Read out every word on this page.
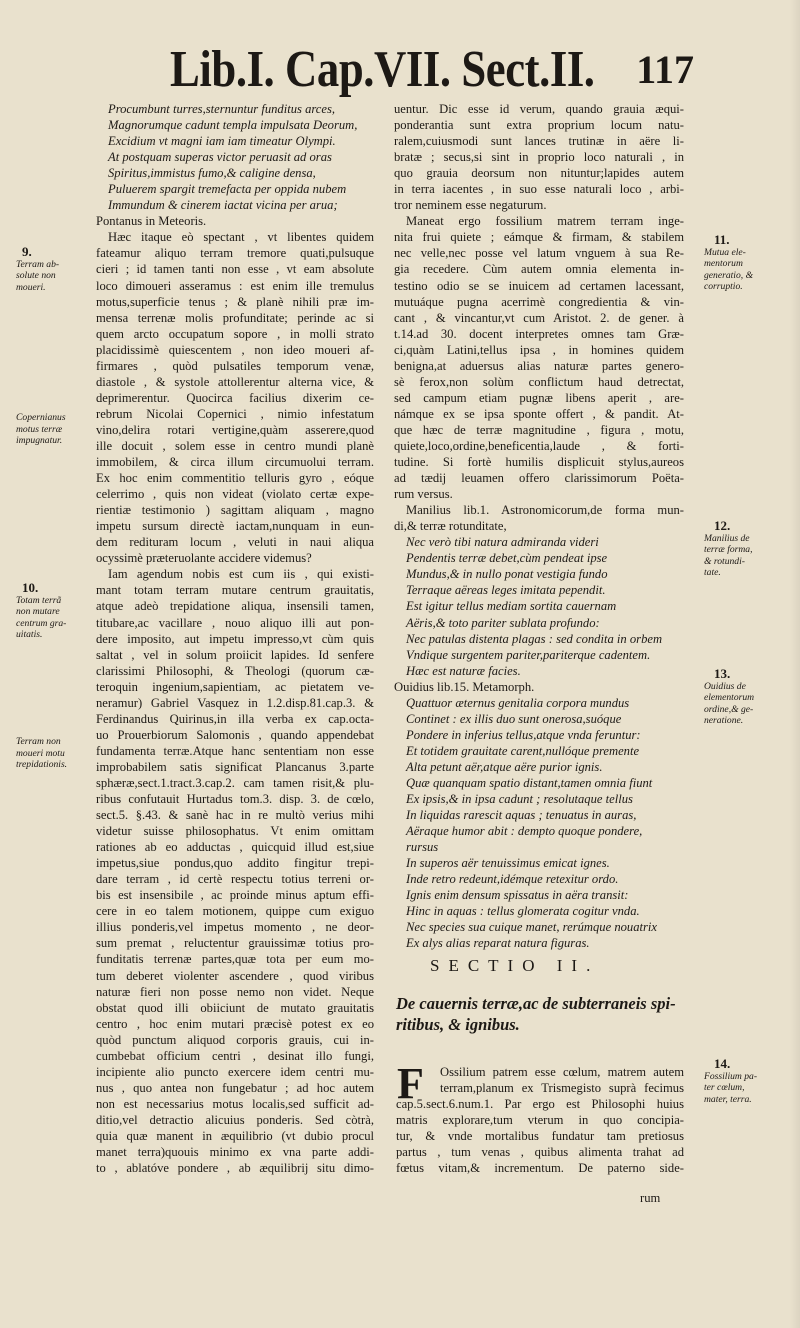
Lib.I. Cap.VII. Sect.II. 117
Procumbunt turres,sternuntur funditus arces,
Magnorumque cadunt templa impulsata Deorum,
Excidium vt magni iam iam timeatur Olympi.
At postquam superas victor peruasit ad oras
Spiritus,immistus fumo,& caligine densa,
Puluerem spargit tremefacta per oppida nubem
Immundum & cinerem iactat vicina per arua;
Pontanus in Meteoris.
Hæc itaque eò spectant , vt libentes quidem
fateamur aliquo terram tremore quati,pulsuque
cieri ; id tamen tanti non esse , vt eam absolute
loco dimoueri asseramus : est enim ille tremulus
motus,superficie tenus ; & planè nihili præ im-
mensa terrenæ molis profunditate; perinde ac si
quem arcto occupatum sopore , in molli strato
placidissimè quiescentem , non ideo moueri af-
firmares , quòd pulsatiles temporum venæ,
diastole , & systole attollerentur alterna vice, &
deprimerentur. Quocirca facilius dixerim ce-
rebrum Nicolai Copernici , nimio infestatum
vino,delira rotari vertigine,quàm asserere,quod
ille docuit , solem esse in centro mundi planè
immobilem, & circa illum circumuolui terram.
Ex hoc enim commentitio telluris gyro , eóque
celerrimo , quis non videat (violato certæ expe-
rientiæ testimonio ) sagittam aliquam , magno
impetu sursum directè iactam,nunquam in eun-
dem redituram locum , veluti in naui aliqua
ocyssimè præteruolante accidere videmus?
Iam agendum nobis est cum iis , qui existi-
mant totam terram mutare centrum grauitatis,
atque adeò trepidatione aliqua, insensili tamen,
titubare,ac vacillare , nouo aliquo illi aut pon-
dere imposito, aut impetu impresso,vt cùm quis
saltat , vel in solum proiicit lapides. Id senfere
clarissimi Philosophi, & Theologi (quorum cæ-
teroquin ingenium,sapientiam, ac pietatem ve-
neramur) Gabriel Vasquez in 1.2.disp.81.cap.3. &
Ferdinandus Quirinus,in illa verba ex cap.octa-
uo Prouerbiorum Salomonis , quando appendebat
fundamenta terræ.Atque hanc sententiam non esse
improbabilem satis significat Plancanus 3.parte
sphæræ,sect.1.tract.3.cap.2. cam tamen risit,& plu-
ribus confutauit Hurtadus tom.3. disp. 3. de cœlo,
sect.5. §.43. & sanè hac in re multò verius mihi
videtur suisse philosophatus. Vt enim omittam
rationes ab eo adductas , quicquid illud est,siue
impetus,siue pondus,quo addito fingitur trepi-
dare terram , id certè respectu totius terreni or-
bis est insensibile , ac proinde minus aptum effi-
cere in eo talem motionem, quippe cum exiguo
illius ponderis,vel impetus momento , ne deor-
sum premat , reluctentur grauissimæ totius pro-
funditatis terrenæ partes,quæ tota per eum mo-
tum deberet violenter ascendere , quod viribus
naturæ fieri non posse nemo non videt. Neque
obstat quod illi obiiciunt de mutato grauitatis
centro , hoc enim mutari præcisè potest ex eo
quòd punctum aliquod corporis grauis, cui in-
cumbebat officium centri , desinat illo fungi,
incipiente alio puncto exercere idem centri mu-
nus , quo antea non fungebatur ; ad hoc autem
non est necessarius motus localis,sed sufficit ad-
ditio,vel detractio alicuius ponderis. Sed còtrà,
quia quæ manent in æquilibrio (vt dubio procul
manet terra)quouis minimo ex vna parte addi-
to , ablatóve pondere , ab æquilibrij situ dimo-
uentur. Dic esse id verum, quando grauia æqui-
ponderantia sunt extra proprium locum natu-
ralem,cuiusmodi sunt lances trutinæ in aëre li-
bratæ ; secus,si sint in proprio loco naturali , in
quo grauia deorsum non nituntur;lapides autem
in terra iacentes , in suo esse naturali loco , arbi-
tror neminem esse negaturum.
Maneat ergo fossilium matrem terram inge-
nita frui quiete ; eámque & firmam, & stabilem
nec velle,nec posse vel latum vnguem à sua Re-
gia recedere. Cùm autem omnia elementa in-
testino odio se se inuicem ad certamen lacessant,
mutuáque pugna acerrimè congredientia & vin-
cant , & vincantur,vt cum Aristot. 2. de gener. à
t.14.ad 30. docent interpretes omnes tam Græ-
ci,quàm Latini,tellus ipsa , in homines quidem
benigna,at aduersus alias naturæ partes genero-
sè ferox,non solùm conflictum haud detrectat,
sed campum etiam pugnæ libens aperit , are-
námque ex se ipsa sponte offert , & pandit. At-
que hæc de terræ magnitudine , figura , motu,
quiete,loco,ordine,beneficentia,laude , & forti-
tudine. Si fortè humilis displicuit stylus,aureos
ad tædij leuamen offero clarissimorum Poëta-
rum versus.
Manilius lib.1. Astronomicorum,de forma mun-
di,& terræ rotunditate,
Nec verò tibi natura admiranda videri
Pendentis terræ debet,cùm pendeat ipse
Mundus,& in nullo ponat vestigia fundo
Terraque aëreas leges imitata pependit.
Est igitur tellus mediam sortita cauernam
Aëris,& toto pariter sublata profundo:
Nec patulas distenta plagas : sed condita in orbem
Vndique surgentem pariter,pariterque cadentem.
Hæc est naturæ facies.
Ouidius lib.15. Metamorph.
Quattuor æternus genitalia corpora mundus
Continet : ex illis duo sunt onerosa,suóque
Pondere in inferius tellus,atque vnda feruntur:
Et totidem grauitate carent,nullóque premente
Alta petunt aër,atque aëre purior ignis.
Quæ quanquam spatio distant,tamen omnia fiunt
Ex ipsis,& in ipsa cadunt ; resolutaque tellus
In liquidas rarescit aquas ; tenuatus in auras,
Aëraque humor abit : dempto quoque pondere,
rursus
In superos aër tenuissimus emicat ignes.
Inde retro redeunt,idémque retexitur ordo.
Ignis enim densum spissatus in aëra transit:
Hinc in aquas : tellus glomerata cogitur vnda.
Nec species sua cuique manet, rerúmque nouatrix
Ex alys alias reparat natura figuras.
9.
Terram ab-
solute non
moueri.
Copernianus
motus terræ
impugnatur.
10.
Totam terrã
non mutare
centrum gra-
uitatis.
Terram non
moueri motu
trepidationis.
11.
Mutua ele-
mentorum
generatio, &
corruptio.
12.
Manilius de
terræ forma,
& rotundi-
tate.
13.
Ouidius de
elementorum
ordine,& ge-
neratione.
14.
Fossilium pa-
ter cœlum,
mater, terra.
SECTIO II.
De cauernis terræ,ac de subterraneis spi-
ritibus, & ignibus.
F Ossilium patrem esse cœlum, matrem autem
terram,planum ex Trismegisto suprà fecimus
cap.5.sect.6.num.1. Par ergo est Philosophi huius
matris explorare,tum vterum in quo concipia-
tur, & vnde mortalibus fundatur tam pretiosus
partus , tum venas , quibus alimenta trahat ad
fœtus vitam,& incrementum. De paterno side-
rum
